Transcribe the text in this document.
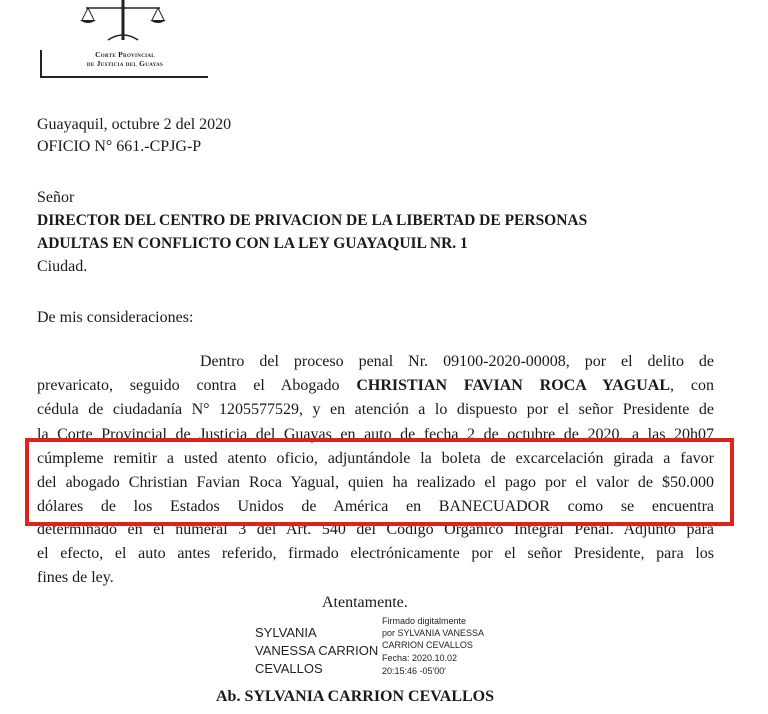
Corte Provincial
de Justicia del Guayas
Guayaquil, octubre 2 del 2020
OFICIO N° 661.-CPJG-P
Señor
DIRECTOR DEL CENTRO DE PRIVACION DE LA LIBERTAD DE PERSONAS
ADULTAS EN CONFLICTO CON LA LEY GUAYAQUIL NR. 1
Ciudad.
De mis consideraciones:
Dentro del proceso penal Nr. 09100-2020-00008, por el delito de
prevaricato, seguido contra el Abogado CHRISTIAN FAVIAN ROCA YAGUAL, con
cédula de ciudadanía N° 1205577529, y en atención a lo dispuesto por el señor Presidente de
la Corte Provincial de Justicia del Guayas en auto de fecha 2 de octubre de 2020, a las 20h07
cúmpleme remitir a usted atento oficio, adjuntándole la boleta de excarcelación girada a favor
del abogado Christian Favian Roca Yagual, quien ha realizado el pago por el valor de $50.000
dólares de los Estados Unidos de América en BANECUADOR como se encuentra
determinado en el numeral 3 del Art. 540 del Código Orgánico Integral Penal. Adjunto para
el efecto, el auto antes referido, firmado electrónicamente por el señor Presidente, para los
fines de ley.
Atentamente.
SYLVANIA
VANESSA CARRION
CEVALLOS
Firmado digitalmente
por SYLVANIA VANESSA
CARRION CEVALLOS
Fecha: 2020.10.02
20:15:46 -05'00'
Ab. SYLVANIA CARRION CEVALLOS
